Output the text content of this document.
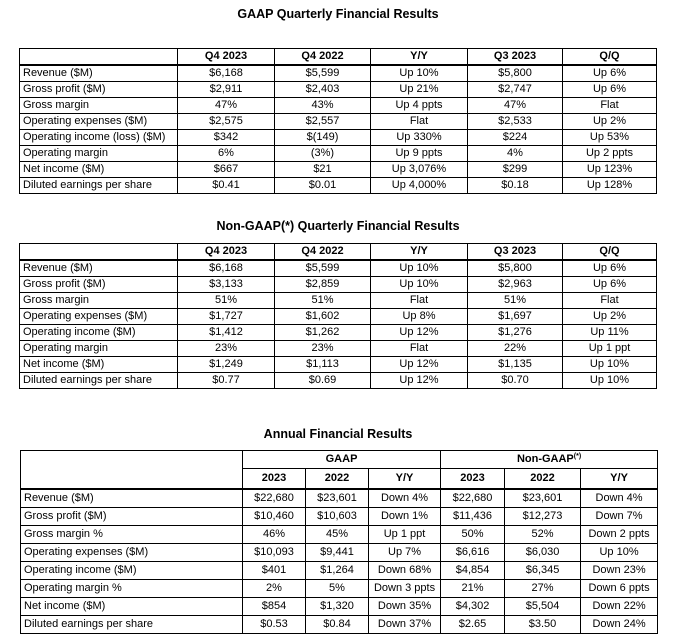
GAAP Quarterly Financial Results
	Q4 2023	Q4 2022	Y/Y	Q3 2023	Q/Q
Revenue ($M)	$6,168	$5,599	Up 10%	$5,800	Up 6%
Gross profit ($M)	$2,911	$2,403	Up 21%	$2,747	Up 6%
Gross margin	47%	43%	Up 4 ppts	47%	Flat
Operating expenses ($M)	$2,575	$2,557	Flat	$2,533	Up 2%
Operating income (loss) ($M)	$342	$(149)	Up 330%	$224	Up 53%
Operating margin	6%	(3%)	Up 9 ppts	4%	Up 2 ppts
Net income ($M)	$667	$21	Up 3,076%	$299	Up 123%
Diluted earnings per share	$0.41	$0.01	Up 4,000%	$0.18	Up 128%
Non-GAAP(*) Quarterly Financial Results
	Q4 2023	Q4 2022	Y/Y	Q3 2023	Q/Q
Revenue ($M)	$6,168	$5,599	Up 10%	$5,800	Up 6%
Gross profit ($M)	$3,133	$2,859	Up 10%	$2,963	Up 6%
Gross margin	51%	51%	Flat	51%	Flat
Operating expenses ($M)	$1,727	$1,602	Up 8%	$1,697	Up 2%
Operating income ($M)	$1,412	$1,262	Up 12%	$1,276	Up 11%
Operating margin	23%	23%	Flat	22%	Up 1 ppt
Net income ($M)	$1,249	$1,113	Up 12%	$1,135	Up 10%
Diluted earnings per share	$0.77	$0.69	Up 12%	$0.70	Up 10%
Annual Financial Results
	GAAP			Non-GAAP(*)
	2023	2022	Y/Y	2023	2022	Y/Y
Revenue ($M)	$22,680	$23,601	Down 4%	$22,680	$23,601	Down 4%
Gross profit ($M)	$10,460	$10,603	Down 1%	$11,436	$12,273	Down 7%
Gross margin %	46%	45%	Up 1 ppt	50%	52%	Down 2 ppts
Operating expenses ($M)	$10,093	$9,441	Up 7%	$6,616	$6,030	Up 10%
Operating income ($M)	$401	$1,264	Down 68%	$4,854	$6,345	Down 23%
Operating margin %	2%	5%	Down 3 ppts	21%	27%	Down 6 ppts
Net income ($M)	$854	$1,320	Down 35%	$4,302	$5,504	Down 22%
Diluted earnings per share	$0.53	$0.84	Down 37%	$2.65	$3.50	Down 24%
